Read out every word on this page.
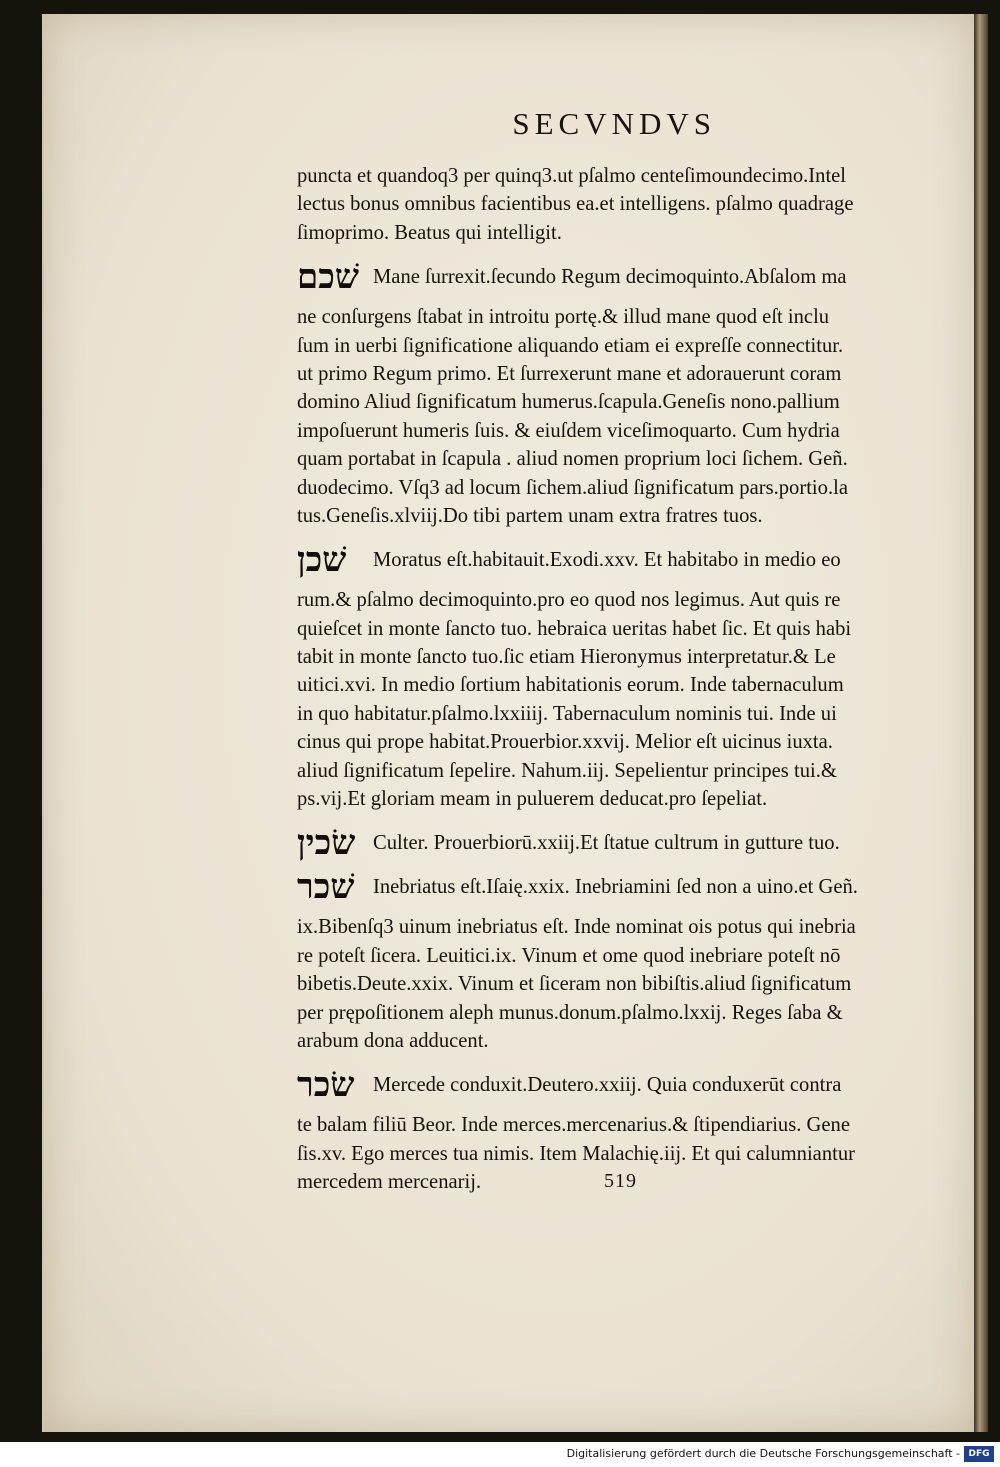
SECVNDVS
puncta et quandoq3 per quinq3.ut pſalmo centeſimoundecimo.Intel
lectus bonus omnibus facientibus ea.et intelligens. pſalmo quadrage
ſimoprimo. Beatus qui intelligit.
שׁכם Mane ſurrexit.ſecundo Regum decimoquinto.Abſalom ma
ne conſurgens ſtabat in introitu portę.& illud mane quod eſt inclu
ſum in uerbi ſignificatione aliquando etiam ei expreſſe connectitur.
ut primo Regum primo. Et ſurrexerunt mane et adorauerunt coram
domino Aliud ſignificatum humerus.ſcapula.Geneſis nono.pallium
impoſuerunt humeris ſuis. & eiuſdem viceſimoquarto. Cum hydria
quam portabat in ſcapula . aliud nomen proprium loci ſichem. Geñ.
duodecimo. Vſq3 ad locum ſichem.aliud ſignificatum pars.portio.la
tus.Geneſis.xlviij.Do tibi partem unam extra fratres tuos.
שׁכן Moratus eſt.habitauit.Exodi.xxv. Et habitabo in medio eo
rum.& pſalmo decimoquinto.pro eo quod nos legimus. Aut quis re
quieſcet in monte ſancto tuo. hebraica ueritas habet ſic. Et quis habi
tabit in monte ſancto tuo.ſic etiam Hieronymus interpretatur.& Le
uitici.xvi. In medio ſortium habitationis eorum. Inde tabernaculum
in quo habitatur.pſalmo.lxxiiij. Tabernaculum nominis tui. Inde ui
cinus qui prope habitat.Prouerbior.xxvij. Melior eſt uicinus iuxta.
aliud ſignificatum ſepelire. Nahum.iij. Sepelientur principes tui.&
ps.vij.Et gloriam meam in puluerem deducat.pro ſepeliat.
שׂכין Culter. Prouerbiorū.xxiij.Et ſtatue cultrum in gutture tuo.
שׁכר Inebriatus eſt.Iſaię.xxix. Inebriamini ſed non a uino.et Geñ.
ix.Bibenſq3 uinum inebriatus eſt. Inde nominat ois potus qui inebria
re poteſt ſicera. Leuitici.ix. Vinum et ome quod inebriare poteſt nō
bibetis.Deute.xxix. Vinum et ſiceram non bibiſtis.aliud ſignificatum
per prępoſitionem aleph munus.donum.pſalmo.lxxij. Reges ſaba &
arabum dona adducent.
שׂכר Mercede conduxit.Deutero.xxiij. Quia conduxerūt contra
te balam filiū Beor. Inde merces.mercenarius.& ſtipendiarius. Gene
ſis.xv. Ego merces tua nimis. Item Malachię.iij. Et qui calumniantur
mercedem mercenarij.	519
Digitalisierung gefördert durch die Deutsche Forschungsgemeinschaft - DFG
